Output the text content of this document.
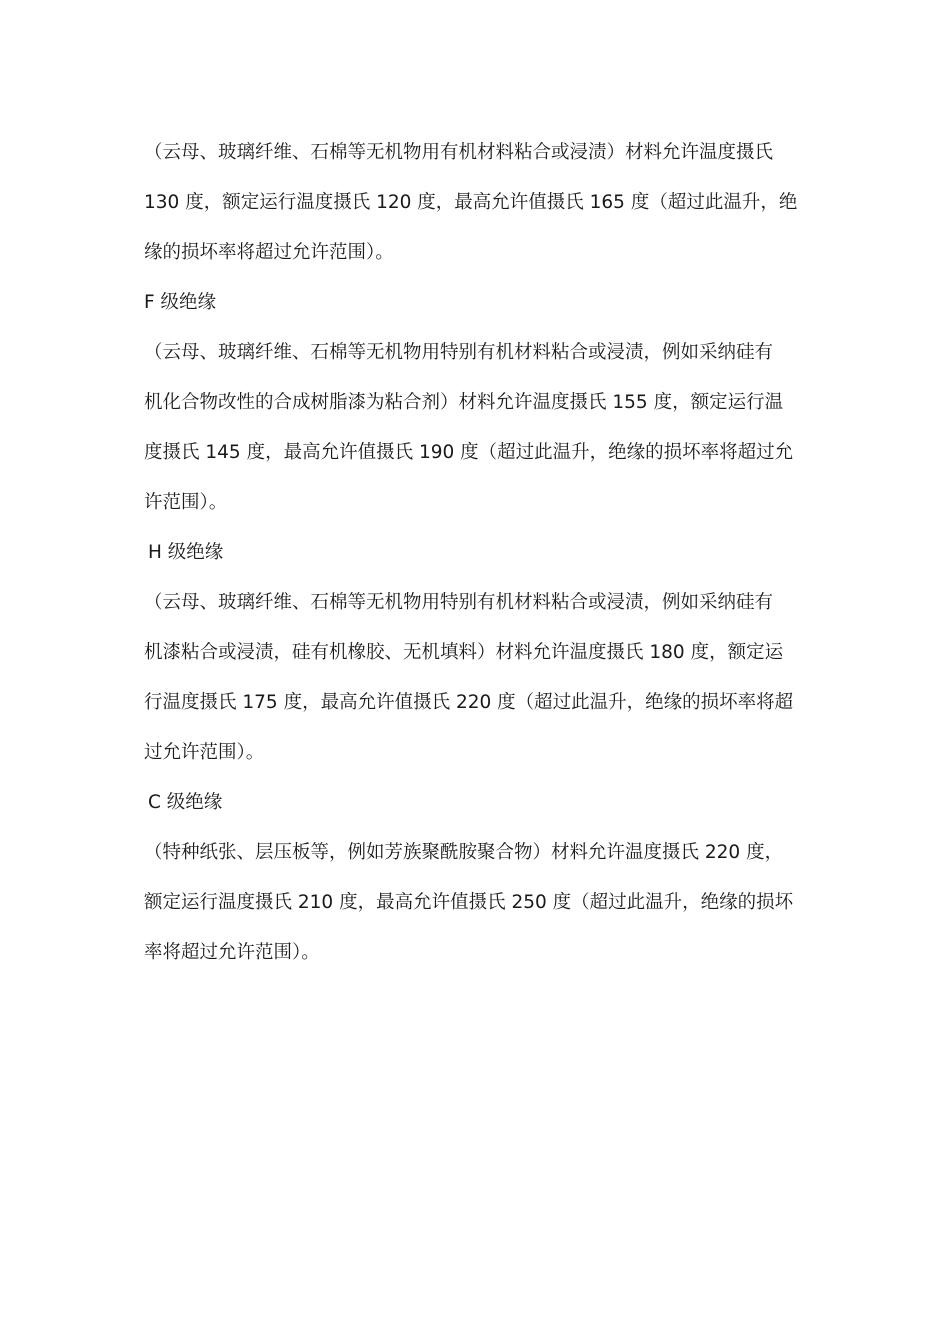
（云母、玻璃纤维、石棉等无机物用有机材料粘合或浸渍）材料允许温度摄氏
130 度，额定运行温度摄氏 120 度，最高允许值摄氏 165 度（超过此温升，绝
缘的损坏率将超过允许范围）。
F 级绝缘
（云母、玻璃纤维、石棉等无机物用特别有机材料粘合或浸渍，例如采纳硅有
机化合物改性的合成树脂漆为粘合剂）材料允许温度摄氏 155 度，额定运行温
度摄氏 145 度，最高允许值摄氏 190 度（超过此温升，绝缘的损坏率将超过允
许范围）。
H 级绝缘
（云母、玻璃纤维、石棉等无机物用特别有机材料粘合或浸渍，例如采纳硅有
机漆粘合或浸渍，硅有机橡胶、无机填料）材料允许温度摄氏 180 度，额定运
行温度摄氏 175 度，最高允许值摄氏 220 度（超过此温升，绝缘的损坏率将超
过允许范围）。
C 级绝缘
（特种纸张、层压板等，例如芳族聚酰胺聚合物）材料允许温度摄氏 220 度，
额定运行温度摄氏 210 度，最高允许值摄氏 250 度（超过此温升，绝缘的损坏
率将超过允许范围）。
